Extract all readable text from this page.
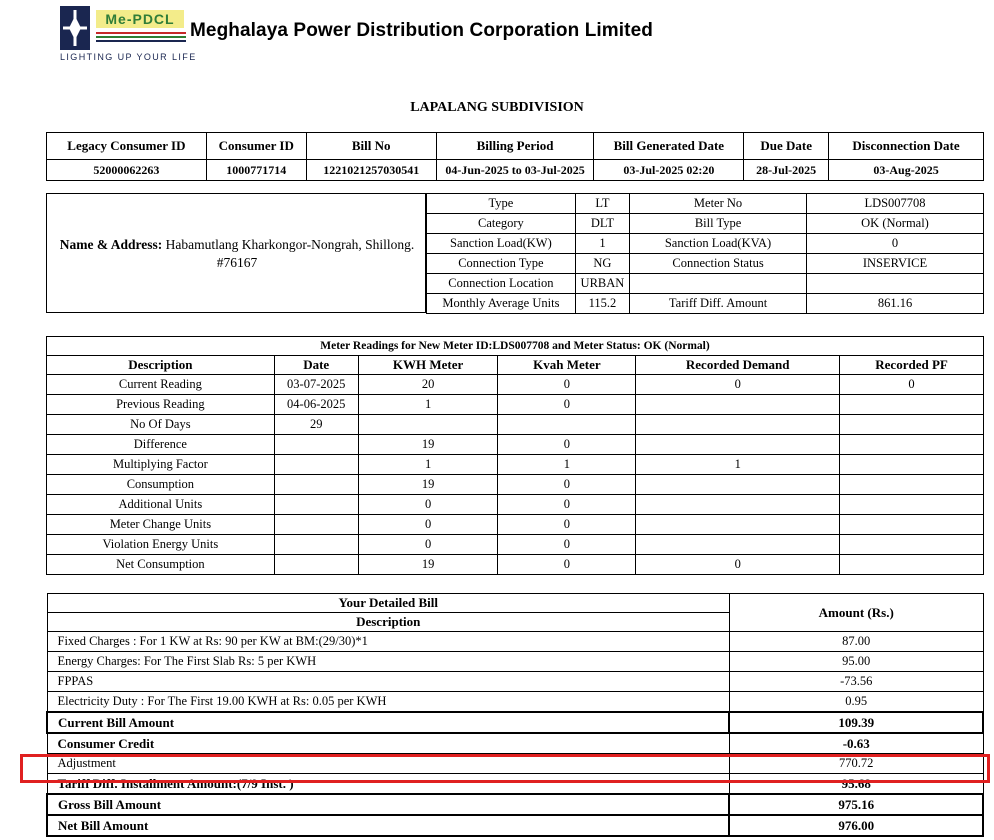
Me-PDCL
LIGHTING UP YOUR LIFE
Meghalaya Power Distribution Corporation Limited
LAPALANG SUBDIVISION
Legacy Consumer ID	Consumer ID	Bill No	Billing Period	Bill Generated Date	Due Date	Disconnection Date
52000062263	1000771714	1221021257030541	04-Jun-2025 to 03-Jul-2025	03-Jul-2025 02:20	28-Jul-2025	03-Aug-2025
Name & Address: Habamutlang Kharkongor-Nongrah, Shillong. #76167
Type	LT	Meter No	LDS007708
Category	DLT	Bill Type	OK (Normal)
Sanction Load(KW)	1	Sanction Load(KVA)	0
Connection Type	NG	Connection Status	INSERVICE
Connection Location	URBAN		
Monthly Average Units	115.2	Tariff Diff. Amount	861.16
Meter Readings for New Meter ID:LDS007708 and Meter Status: OK (Normal)					
Description	Date	KWH Meter	Kvah Meter	Recorded Demand	Recorded PF
Current Reading	03-07-2025	20	0	0	0
Previous Reading	04-06-2025	1	0		
No Of Days	29				
Difference		19	0		
Multiplying Factor		1	1	1	
Consumption		19	0		
Additional Units		0	0		
Meter Change Units		0	0		
Violation Energy Units		0	0		
Net Consumption		19	0	0	
Your Detailed Bill	Amount (Rs.)
Description	
Fixed Charges : For 1 KW at Rs: 90 per KW at BM:(29/30)*1	87.00
Energy Charges: For The First Slab Rs: 5 per KWH	95.00
FPPAS	-73.56
Electricity Duty : For The First 19.00 KWH at Rs: 0.05 per KWH	0.95
Current Bill Amount	109.39
Consumer Credit	-0.63
Adjustment	770.72
Tariff Diff. Installment Amount:(7/9 Inst. )	95.68
Gross Bill Amount	975.16
Net Bill Amount	976.00
